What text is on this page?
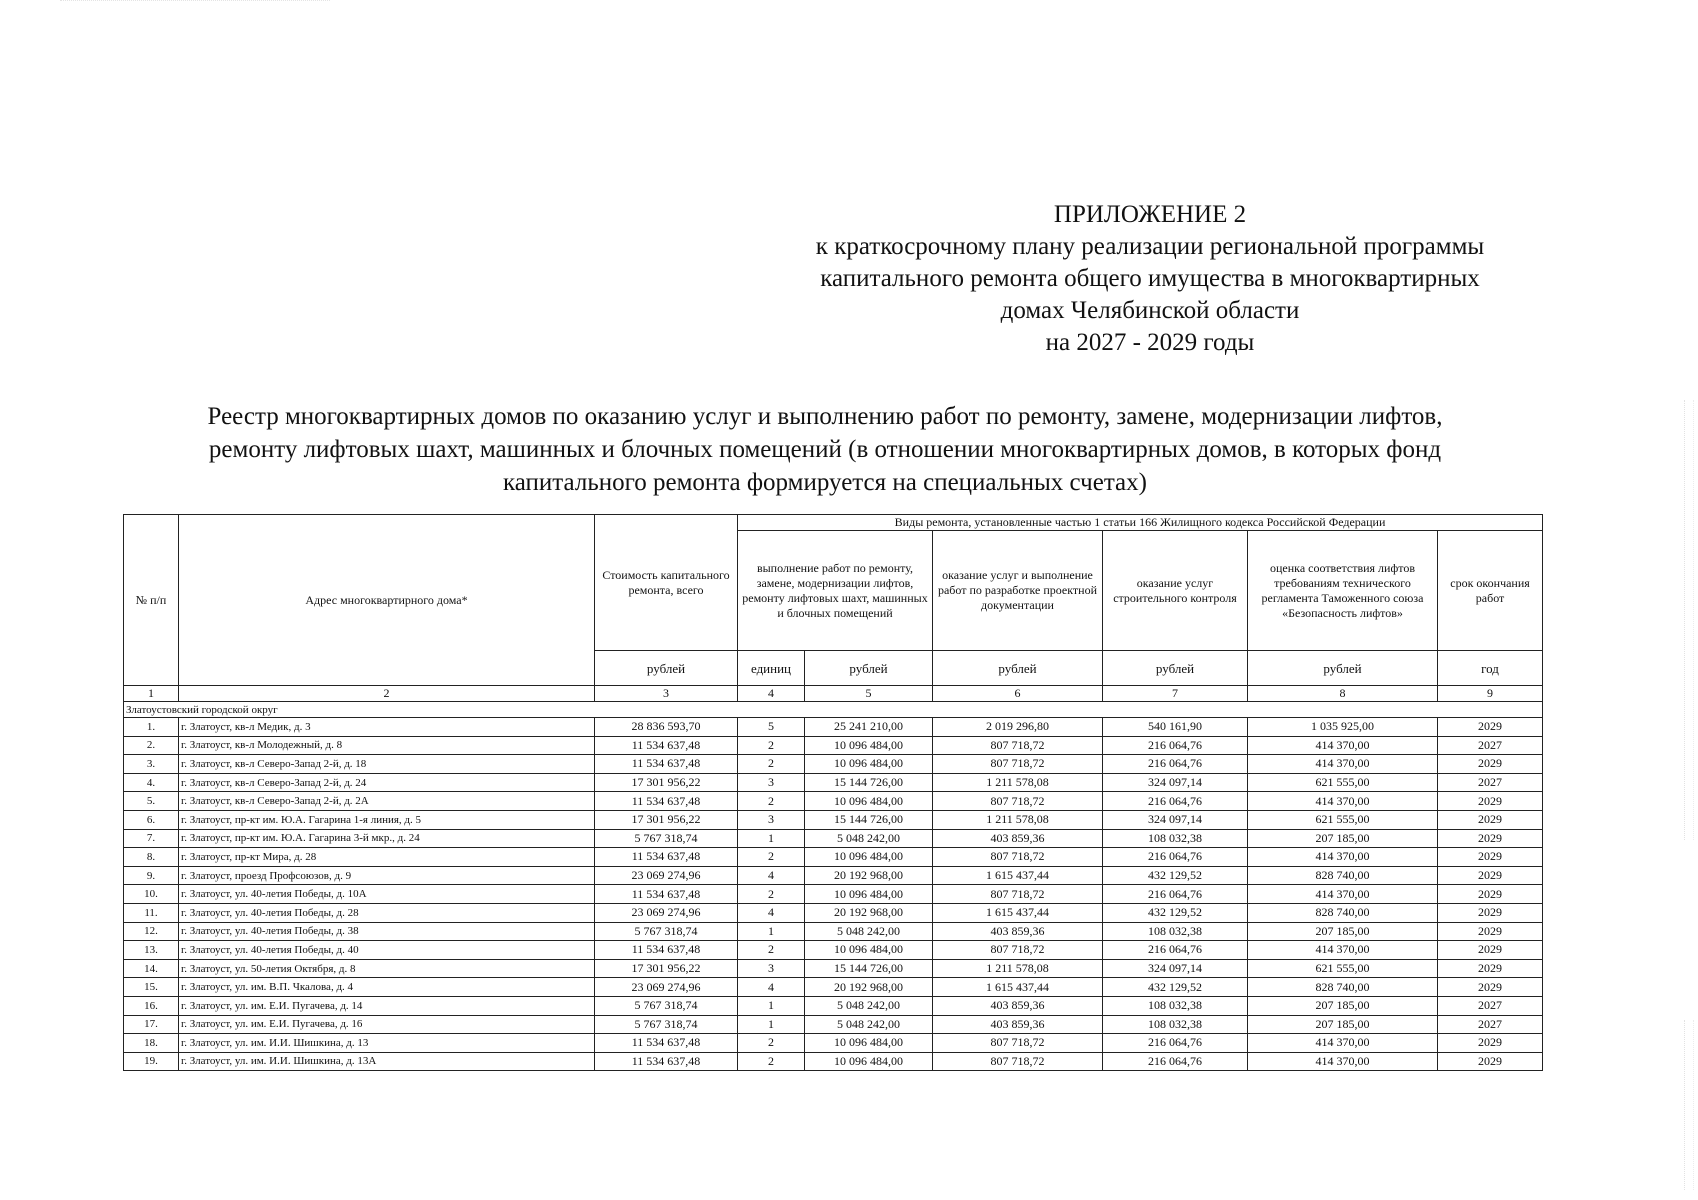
ПРИЛОЖЕНИЕ 2
к краткосрочному плану реализации региональной программы
капитального ремонта общего имущества в многоквартирных
домах Челябинской области
на 2027 - 2029 годы
Реестр многоквартирных домов по оказанию услуг и выполнению работ по ремонту, замене, модернизации лифтов,
ремонту лифтовых шахт, машинных и блочных помещений (в отношении многоквартирных домов, в которых фонд
капитального ремонта формируется на специальных счетах)
№ п/п	Адрес многоквартирного дома*	Стоимость капитального ремонта, всего	Виды ремонта, установленные частью 1 статьи 166 Жилищного кодекса Российской Федерации					
			выполнение работ по ремонту, замене, модернизации лифтов, ремонту лифтовых шахт, машинных и блочных помещений		оказание услуг и выполнение работ по разработке проектной документации	оказание услуг строительного контроля	оценка соответствия лифтов требованиям технического регламента Таможенного союза «Безопасность лифтов»	срок окончания работ
		рублей	единиц	рублей	рублей	рублей	рублей	год
1	2	3	4	5	6	7	8	9
Златоустовский городской округ								
1.	г. Златоуст, кв-л Медик, д. 3	28 836 593,70	5	25 241 210,00	2 019 296,80	540 161,90	1 035 925,00	2029
2.	г. Златоуст, кв-л Молодежный, д. 8	11 534 637,48	2	10 096 484,00	807 718,72	216 064,76	414 370,00	2027
3.	г. Златоуст, кв-л Северо-Запад 2-й, д. 18	11 534 637,48	2	10 096 484,00	807 718,72	216 064,76	414 370,00	2029
4.	г. Златоуст, кв-л Северо-Запад 2-й, д. 24	17 301 956,22	3	15 144 726,00	1 211 578,08	324 097,14	621 555,00	2027
5.	г. Златоуст, кв-л Северо-Запад 2-й, д. 2А	11 534 637,48	2	10 096 484,00	807 718,72	216 064,76	414 370,00	2029
6.	г. Златоуст, пр-кт им. Ю.А. Гагарина 1-я линия, д. 5	17 301 956,22	3	15 144 726,00	1 211 578,08	324 097,14	621 555,00	2029
7.	г. Златоуст, пр-кт им. Ю.А. Гагарина 3-й мкр., д. 24	5 767 318,74	1	5 048 242,00	403 859,36	108 032,38	207 185,00	2029
8.	г. Златоуст, пр-кт Мира, д. 28	11 534 637,48	2	10 096 484,00	807 718,72	216 064,76	414 370,00	2029
9.	г. Златоуст, проезд Профсоюзов, д. 9	23 069 274,96	4	20 192 968,00	1 615 437,44	432 129,52	828 740,00	2029
10.	г. Златоуст, ул. 40-летия Победы, д. 10А	11 534 637,48	2	10 096 484,00	807 718,72	216 064,76	414 370,00	2029
11.	г. Златоуст, ул. 40-летия Победы, д. 28	23 069 274,96	4	20 192 968,00	1 615 437,44	432 129,52	828 740,00	2029
12.	г. Златоуст, ул. 40-летия Победы, д. 38	5 767 318,74	1	5 048 242,00	403 859,36	108 032,38	207 185,00	2029
13.	г. Златоуст, ул. 40-летия Победы, д. 40	11 534 637,48	2	10 096 484,00	807 718,72	216 064,76	414 370,00	2029
14.	г. Златоуст, ул. 50-летия Октября, д. 8	17 301 956,22	3	15 144 726,00	1 211 578,08	324 097,14	621 555,00	2029
15.	г. Златоуст, ул. им. В.П. Чкалова, д. 4	23 069 274,96	4	20 192 968,00	1 615 437,44	432 129,52	828 740,00	2029
16.	г. Златоуст, ул. им. Е.И. Пугачева, д. 14	5 767 318,74	1	5 048 242,00	403 859,36	108 032,38	207 185,00	2027
17.	г. Златоуст, ул. им. Е.И. Пугачева, д. 16	5 767 318,74	1	5 048 242,00	403 859,36	108 032,38	207 185,00	2027
18.	г. Златоуст, ул. им. И.И. Шишкина, д. 13	11 534 637,48	2	10 096 484,00	807 718,72	216 064,76	414 370,00	2029
19.	г. Златоуст, ул. им. И.И. Шишкина, д. 13А	11 534 637,48	2	10 096 484,00	807 718,72	216 064,76	414 370,00	2029
